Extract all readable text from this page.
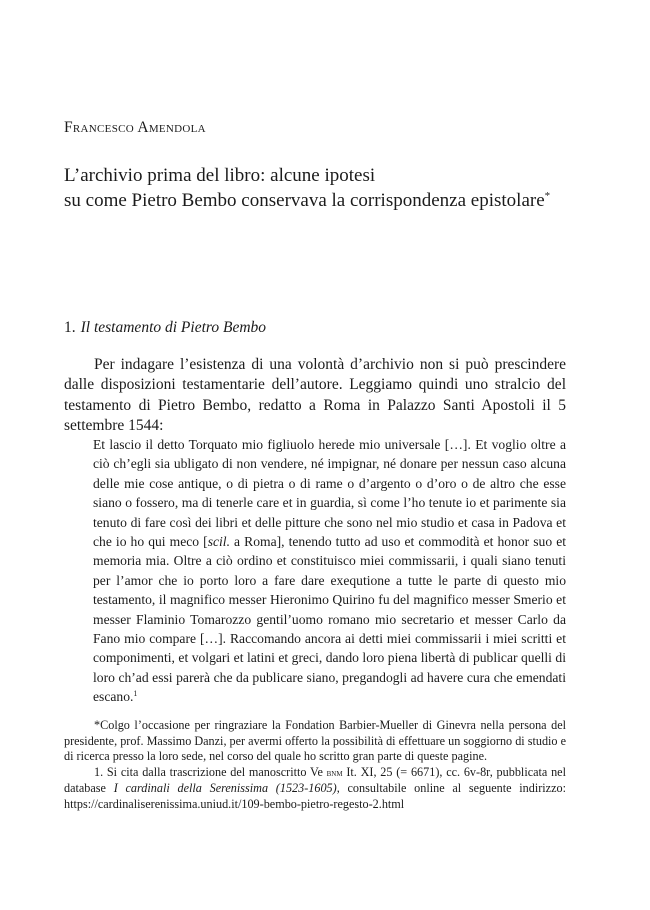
Francesco Amendola

L’archivio prima del libro: alcune ipotesi

su come Pietro Bembo conservava la corrispondenza epistolare*

1. Il testamento di Pietro Bembo

Per indagare l’esistenza di una volontà d’archivio non si può prescindere dalle disposizioni testamentarie dell’autore. Leggiamo quindi uno stralcio del testamento di Pietro Bembo, redatto a Roma in Palazzo Santi Apostoli il 5 settembre 1544:

Et lascio il detto Torquato mio figliuolo herede mio universale […]. Et voglio oltre a ciò ch’egli sia ubligato di non vendere, né impignar, né donare per nessun caso alcuna delle mie cose antique, o di pietra o di rame o d’argento o d’oro o de altro che esse siano o fossero, ma di tenerle care et in guardia, sì come l’ho tenute io et parimente sia tenuto di fare così dei libri et delle pitture che sono nel mio studio et casa in Padova et che io ho qui meco [scil. a Roma], tenendo tutto ad uso et commodità et honor suo et memoria mia. Oltre a ciò ordino et constituisco miei commissarii, i quali siano tenuti per l’amor che io porto loro a fare dare exequtione a tutte le parte di questo mio testamento, il magnifico messer Hieronimo Quirino fu del magnifico messer Smerio et messer Flaminio Tomarozzo gentil’uomo romano mio secretario et messer Carlo da Fano mio compare […]. Raccomando ancora ai detti miei commissarii i miei scritti et componimenti, et volgari et latini et greci, dando loro piena libertà di publicar quelli di loro ch’ad essi parerà che da publicare siano, pregandogli ad havere cura che emendati escano.$^1$

*Colgo l’occasione per ringraziare la Fondation Barbier-Mueller di Ginevra nella persona del presidente, prof. Massimo Danzi, per avermi offerto la possibilità di effettuare un soggiorno di studio e di ricerca presso la loro sede, nel corso del quale ho scritto gran parte di queste pagine.

1. Si cita dalla trascrizione del manoscritto Ve bnm It. XI, 25 (= 6671), cc. 6v-8r, pubblicata nel database I cardinali della Serenissima (1523-1605), consultabile online al seguente indirizzo: https://cardinaliserenissima.uniud.it/109-bembo-pietro-regesto-2.html
